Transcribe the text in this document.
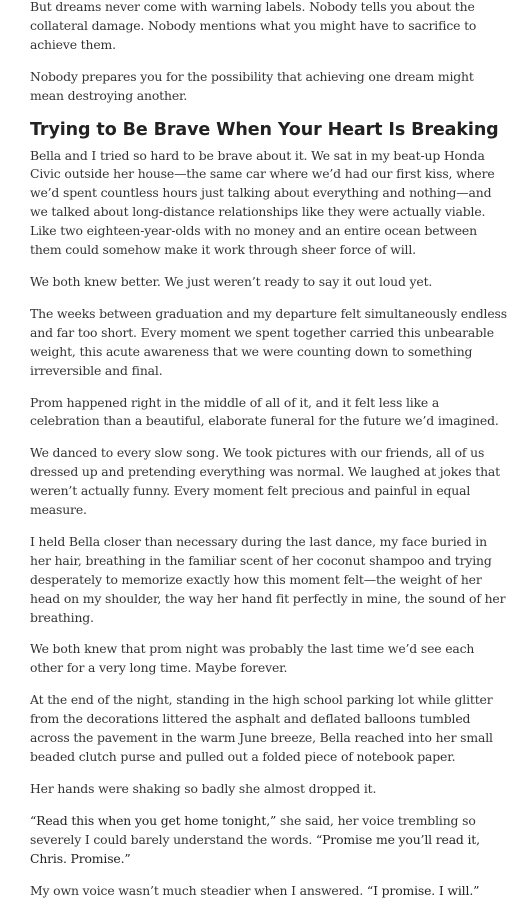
But dreams never come with warning labels. Nobody tells you about the collateral damage. Nobody mentions what you might have to sacrifice to achieve them.

Nobody prepares you for the possibility that achieving one dream might mean destroying another.

Trying to Be Brave When Your Heart Is Breaking

Bella and I tried so hard to be brave about it. We sat in my beat-up Honda Civic outside her house—the same car where we’d had our first kiss, where we’d spent countless hours just talking about everything and nothing—and we talked about long-distance relationships like they were actually viable. Like two eighteen-year-olds with no money and an entire ocean between them could somehow make it work through sheer force of will.

We both knew better. We just weren’t ready to say it out loud yet.

The weeks between graduation and my departure felt simultaneously endless and far too short. Every moment we spent together carried this unbearable weight, this acute awareness that we were counting down to something irreversible and final.

Prom happened right in the middle of all of it, and it felt less like a celebration than a beautiful, elaborate funeral for the future we’d imagined.

We danced to every slow song. We took pictures with our friends, all of us dressed up and pretending everything was normal. We laughed at jokes that weren’t actually funny. Every moment felt precious and painful in equal measure.

I held Bella closer than necessary during the last dance, my face buried in her hair, breathing in the familiar scent of her coconut shampoo and trying desperately to memorize exactly how this moment felt—the weight of her head on my shoulder, the way her hand fit perfectly in mine, the sound of her breathing.

We both knew that prom night was probably the last time we’d see each other for a very long time. Maybe forever.

At the end of the night, standing in the high school parking lot while glitter from the decorations littered the asphalt and deflated balloons tumbled across the pavement in the warm June breeze, Bella reached into her small beaded clutch purse and pulled out a folded piece of notebook paper.

Her hands were shaking so badly she almost dropped it.

“Read this when you get home tonight,” she said, her voice trembling so severely I could barely understand the words. “Promise me you’ll read it, Chris. Promise.”

My own voice wasn’t much steadier when I answered. “I promise. I will.”
